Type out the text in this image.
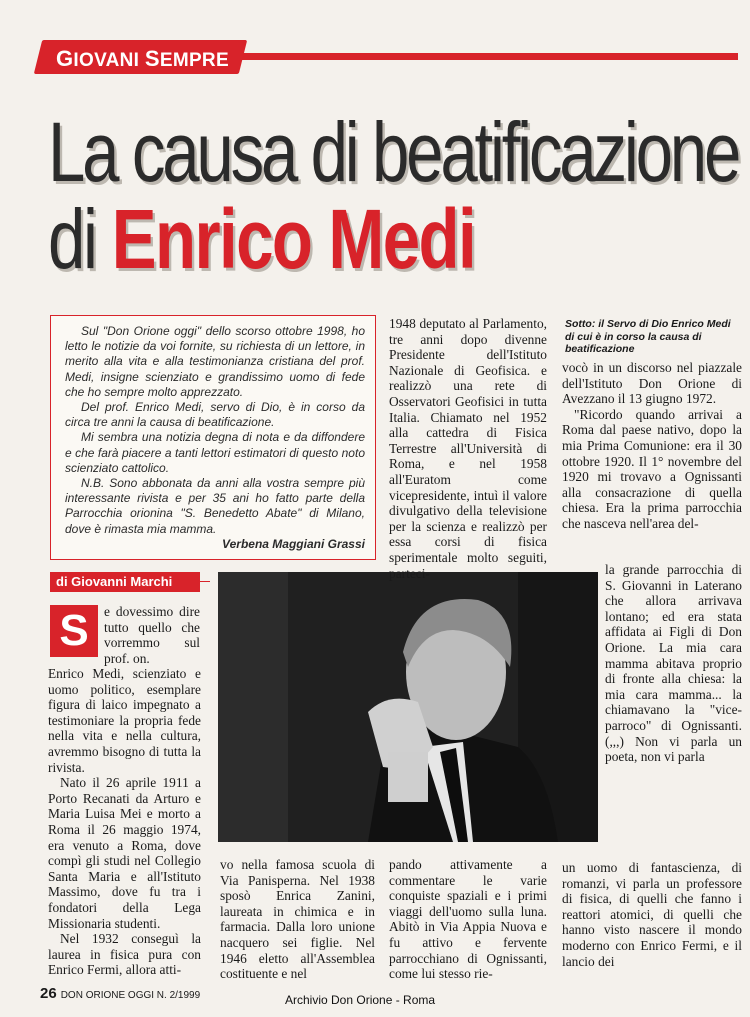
GIOVANI SEMPRE
La causa di beatificazione
di Enrico Medi

Sul "Don Orione oggi" dello scorso ottobre 1998, ho letto le notizie da voi fornite, su richiesta di un lettore, in merito alla vita e alla testimonianza cristiana del prof. Medi, insigne scienziato e grandissimo uomo di fede che ho sempre molto apprezzato.

Del prof. Enrico Medi, servo di Dio, è in corso da circa tre anni la causa di beatificazione.

Mi sembra una notizia degna di nota e da diffondere e che farà piacere a tanti lettori estimatori di questo noto scienziato cattolico.

N.B. Sono abbonata da anni alla vostra sempre più interessante rivista e per 35 ani ho fatto parte della Parrocchia orionina "S. Benedetto Abate" di Milano, dove è rimasta mia mamma.

Verbena Maggiani Grassi

di Giovanni Marchi
S	e dovessimo dire tutto quello che vorremmo sul prof. on.

Enrico Medi, scienziato e uomo politico, esemplare figura di laico impegnato a testimoniare la propria fede nella vita e nella cultura, avremmo bisogno di tutta la rivista.

Nato il 26 aprile 1911 a Porto Recanati da Arturo e Maria Luisa Mei e morto a Roma il 26 maggio 1974, era venuto a Roma, dove compì gli studi nel Collegio Santa Maria e all'Istituto Massimo, dove fu tra i fondatori della Lega Missionaria studenti.

Nel 1932 conseguì la laurea in fisica pura con Enrico Fermi, allora atti-

vo nella famosa scuola di Via Panisperna. Nel 1938 sposò Enrica Zanini, laureata in chimica e in farmacia. Dalla loro unione nacquero sei figlie. Nel 1946 eletto all'Assemblea costituente e nel

1948 deputato al Parlamento, tre anni dopo divenne Presidente dell'Istituto Nazionale di Geofisica. e realizzò una rete di Osservatori Geofisici in tutta Italia. Chiamato nel 1952 alla cattedra di Fisica Terrestre all'Università di Roma, e nel 1958 all'Euratom come vicepresidente, intuì il valore divulgativo della televisione per la scienza e realizzò per essa corsi di fisica sperimentale molto seguiti, parteci-

pando attivamente a commentare le varie conquiste spaziali e i primi viaggi dell'uomo sulla luna. Abitò in Via Appia Nuova e fu attivo e fervente parrocchiano di Ognissanti, come lui stesso rie-

Sotto: il Servo di Dio Enrico Medi di cui è in corso la causa di beatificazione

vocò in un discorso nel piazzale dell'Istituto Don Orione di Avezzano il 13 giugno 1972.

"Ricordo quando arrivai a Roma dal paese nativo, dopo la mia Prima Comunione: era il 30 ottobre 1920. Il 1° novembre del 1920 mi trovavo a Ognissanti alla consacrazione di quella chiesa. Era la prima parrocchia che nasceva nell'area del-

la grande parrocchia di S. Giovanni in Laterano che allora arrivava lontano; ed era stata affidata ai Figli di Don Orione. La mia cara mamma abitava proprio di fronte alla chiesa: la mia cara mamma... la chiamavano la "vice-parroco" di Ognissanti. (,,,) Non vi parla un poeta, non vi parla

un uomo di fantascienza, di romanzi, vi parla un professore di fisica, di quelli che fanno i reattori atomici, di quelli che hanno visto nascere il mondo moderno con Enrico Fermi, e il lancio dei

26 DON ORIONE OGGI N. 2/1999	Archivio Don Orione - Roma
